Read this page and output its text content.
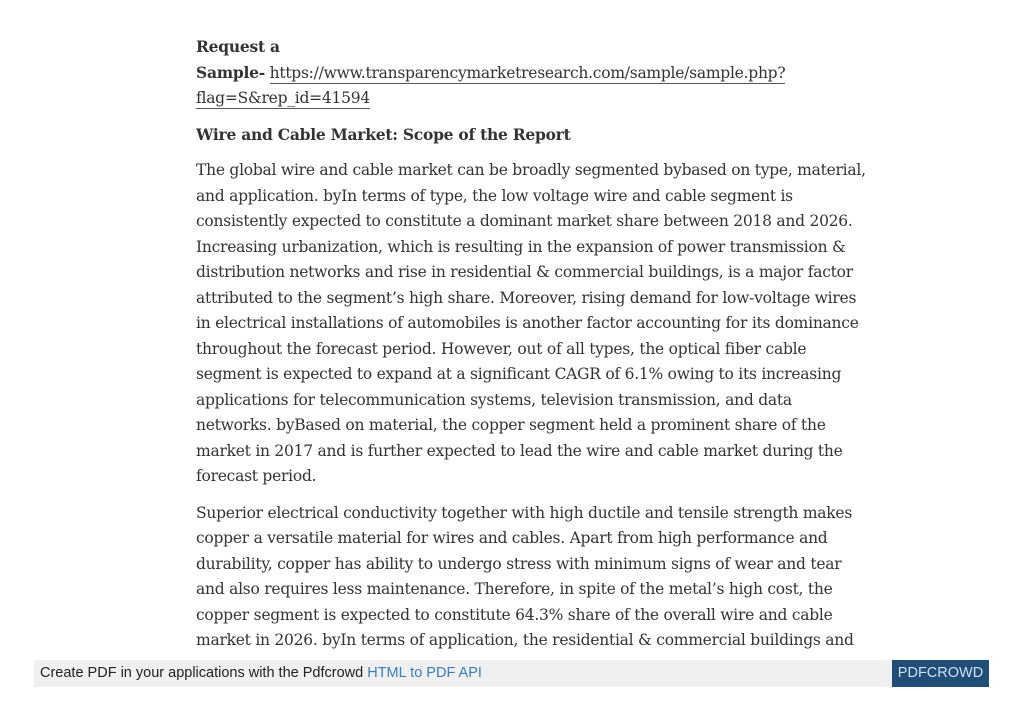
Request a
Sample- https://www.transparencymarketresearch.com/sample/sample.php?
flag=S&rep_id=41594
Wire and Cable Market: Scope of the Report
The global wire and cable market can be broadly segmented bybased on type, material,
and application. byIn terms of type, the low voltage wire and cable segment is
consistently expected to constitute a dominant market share between 2018 and 2026.
Increasing urbanization, which is resulting in the expansion of power transmission &
distribution networks and rise in residential & commercial buildings, is a major factor
attributed to the segment’s high share. Moreover, rising demand for low-voltage wires
in electrical installations of automobiles is another factor accounting for its dominance
throughout the forecast period. However, out of all types, the optical fiber cable
segment is expected to expand at a significant CAGR of 6.1% owing to its increasing
applications for telecommunication systems, television transmission, and data
networks. byBased on material, the copper segment held a prominent share of the
market in 2017 and is further expected to lead the wire and cable market during the
forecast period.
Superior electrical conductivity together with high ductile and tensile strength makes
copper a versatile material for wires and cables. Apart from high performance and
durability, copper has ability to undergo stress with minimum signs of wear and tear
and also requires less maintenance. Therefore, in spite of the metal’s high cost, the
copper segment is expected to constitute 64.3% share of the overall wire and cable
market in 2026. byIn terms of application, the residential & commercial buildings and
Create PDF in your applications with the Pdfcrowd HTML to PDF API	PDFCROWD
